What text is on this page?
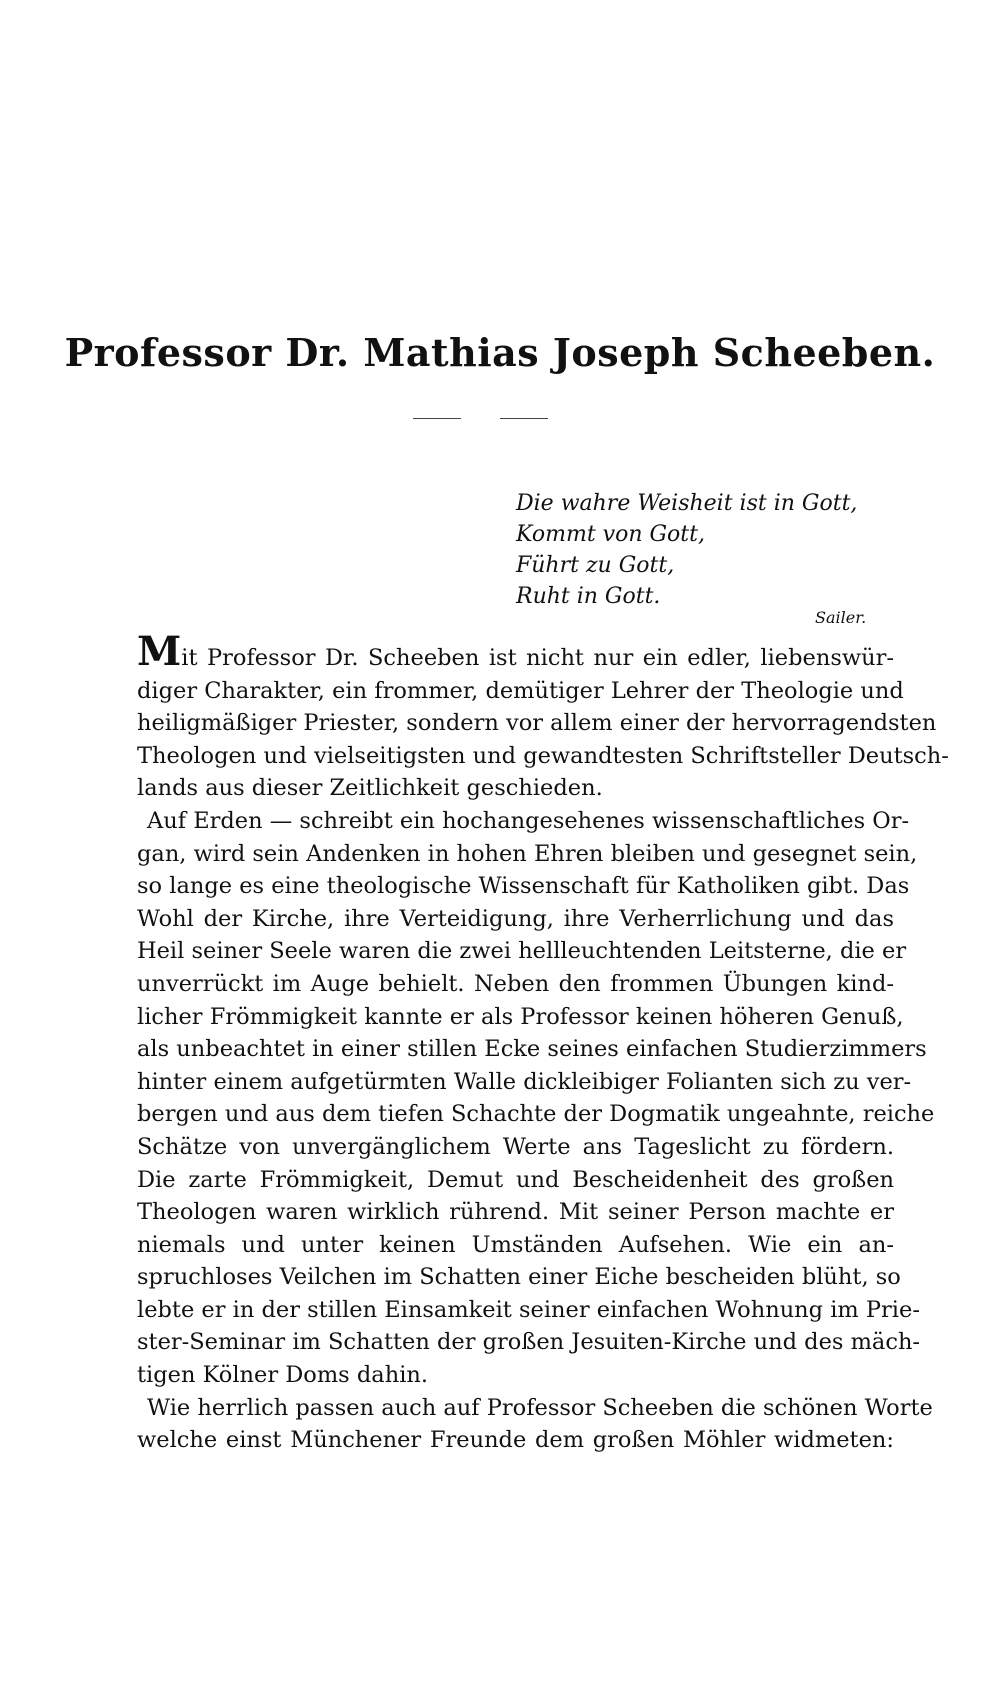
Professor Dr. Mathias Joseph Scheeben.
Die wahre Weisheit ist in Gott,
Kommt von Gott,
Führt zu Gott,
Ruht in Gott.
Sailer.
Mit Professor Dr. Scheeben ist nicht nur ein edler, liebenswür-
diger Charakter, ein frommer, demütiger Lehrer der Theologie und
heiligmäßiger Priester, sondern vor allem einer der hervorragendsten
Theologen und vielseitigsten und gewandtesten Schriftsteller Deutsch-
lands aus dieser Zeitlichkeit geschieden.
Auf Erden — schreibt ein hochangesehenes wissenschaftliches Or-
gan, wird sein Andenken in hohen Ehren bleiben und gesegnet sein,
so lange es eine theologische Wissenschaft für Katholiken gibt. Das
Wohl der Kirche, ihre Verteidigung, ihre Verherrlichung und das
Heil seiner Seele waren die zwei hellleuchtenden Leitsterne, die er
unverrückt im Auge behielt. Neben den frommen Übungen kind-
licher Frömmigkeit kannte er als Professor keinen höheren Genuß,
als unbeachtet in einer stillen Ecke seines einfachen Studierzimmers
hinter einem aufgetürmten Walle dickleibiger Folianten sich zu ver-
bergen und aus dem tiefen Schachte der Dogmatik ungeahnte, reiche
Schätze von unvergänglichem Werte ans Tageslicht zu fördern.
Die zarte Frömmigkeit, Demut und Bescheidenheit des großen
Theologen waren wirklich rührend. Mit seiner Person machte er
niemals und unter keinen Umständen Aufsehen. Wie ein an-
spruchloses Veilchen im Schatten einer Eiche bescheiden blüht, so
lebte er in der stillen Einsamkeit seiner einfachen Wohnung im Prie-
ster-Seminar im Schatten der großen Jesuiten-Kirche und des mäch-
tigen Kölner Doms dahin.
Wie herrlich passen auch auf Professor Scheeben die schönen Worte
welche einst Münchener Freunde dem großen Möhler widmeten:
